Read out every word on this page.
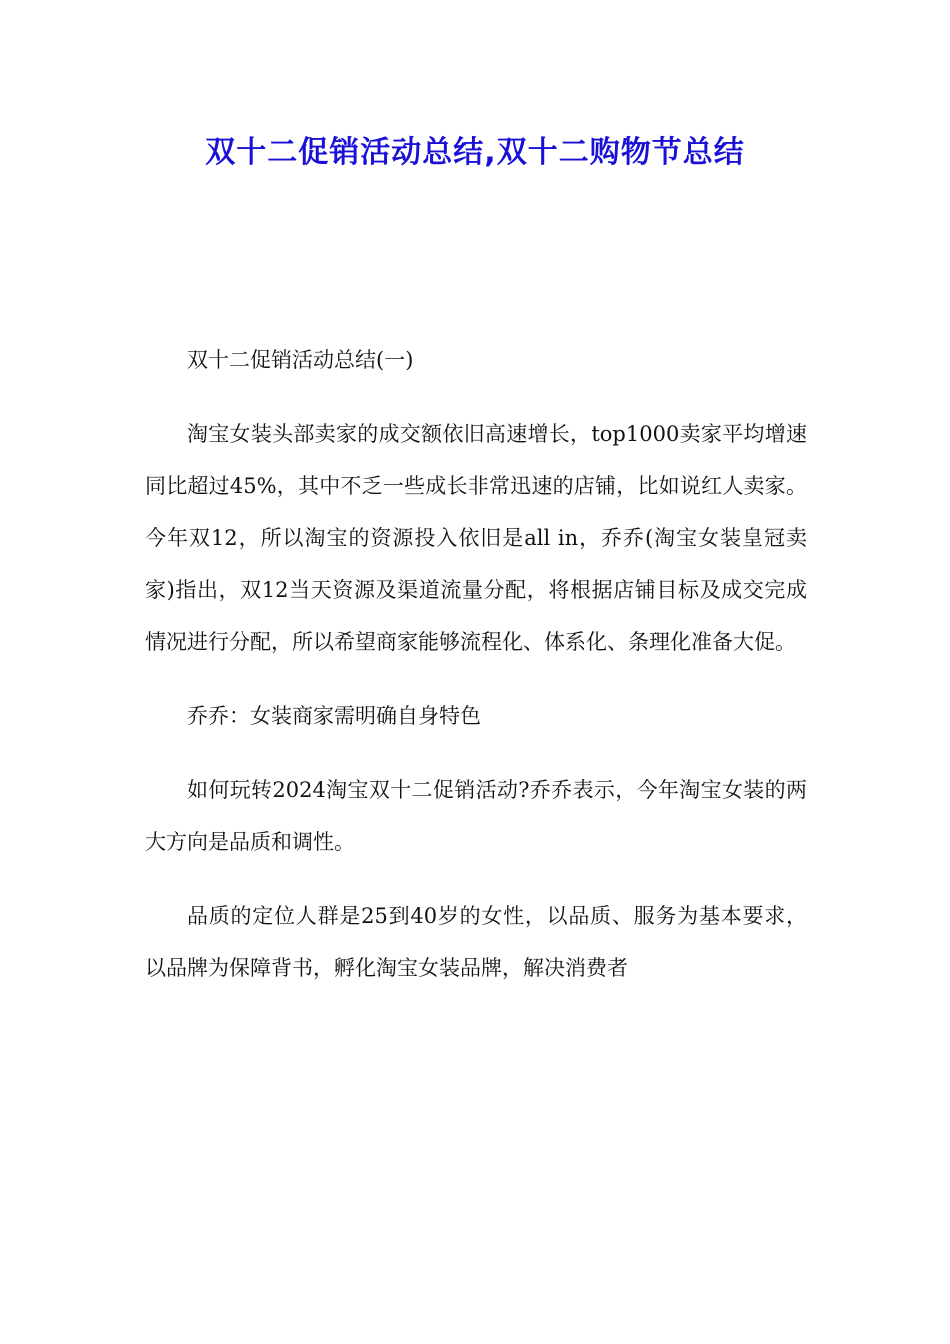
双十二促销活动总结,双十二购物节总结

双十二促销活动总结(一)

淘宝女装头部卖家的成交额依旧高速增长，top1000卖家平均增速同比超过45%，其中不乏一些成长非常迅速的店铺，比如说红人卖家。今年双12，所以淘宝的资源投入依旧是all in，乔乔(淘宝女装皇冠卖家)指出，双12当天资源及渠道流量分配，将根据店铺目标及成交完成情况进行分配，所以希望商家能够流程化、体系化、条理化准备大促。

乔乔：女装商家需明确自身特色

如何玩转2024淘宝双十二促销活动?乔乔表示，今年淘宝女装的两大方向是品质和调性。

品质的定位人群是25到40岁的女性，以品质、服务为基本要求，以品牌为保障背书，孵化淘宝女装品牌，解决消费者
